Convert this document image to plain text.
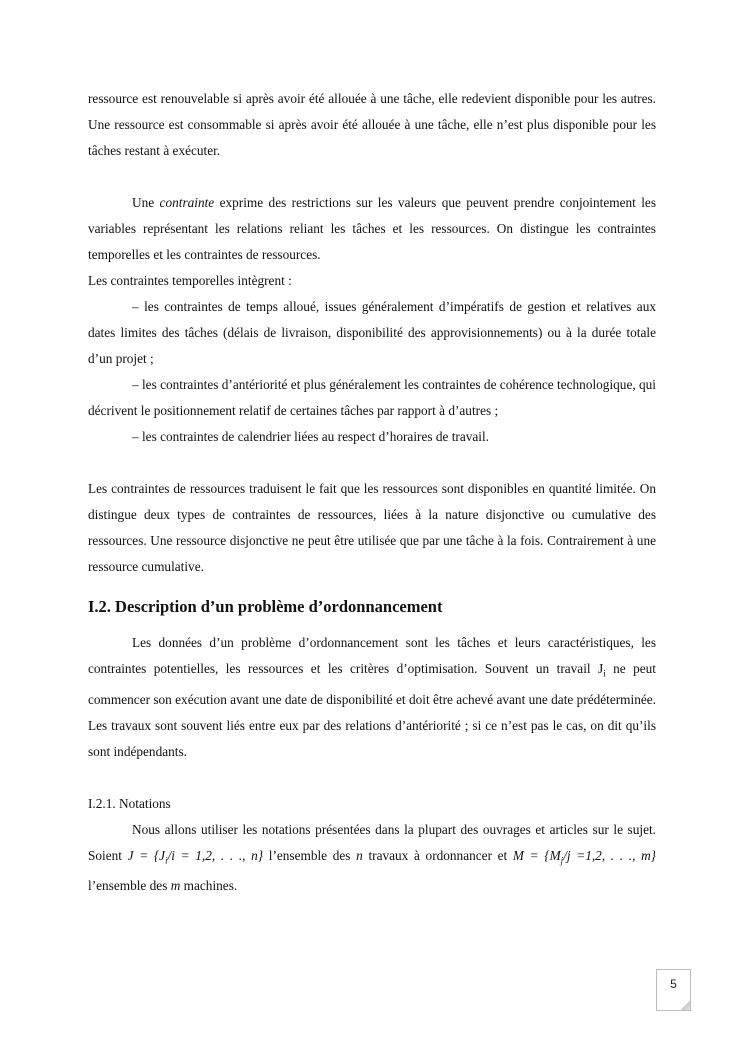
ressource est renouvelable si après avoir été allouée à une tâche, elle redevient disponible pour les autres. Une ressource est consommable si après avoir été allouée à une tâche, elle n’est plus disponible pour les tâches restant à exécuter.

Une contrainte exprime des restrictions sur les valeurs que peuvent prendre conjointement les variables représentant les relations reliant les tâches et les ressources. On distingue les contraintes temporelles et les contraintes de ressources.

Les contraintes temporelles intègrent :

– les contraintes de temps alloué, issues généralement d’impératifs de gestion et relatives aux dates limites des tâches (délais de livraison, disponibilité des approvisionnements) ou à la durée totale d’un projet ;

– les contraintes d’antériorité et plus généralement les contraintes de cohérence technologique, qui décrivent le positionnement relatif de certaines tâches par rapport à d’autres ;

– les contraintes de calendrier liées au respect d’horaires de travail.

Les contraintes de ressources traduisent le fait que les ressources sont disponibles en quantité limitée. On distingue deux types de contraintes de ressources, liées à la nature disjonctive ou cumulative des ressources. Une ressource disjonctive ne peut être utilisée que par une tâche à la fois. Contrairement à une ressource cumulative.

I.2. Description d’un problème d’ordonnancement

Les données d’un problème d’ordonnancement sont les tâches et leurs caractéristiques, les contraintes potentielles, les ressources et les critères d’optimisation. Souvent un travail $J_i$ ne peut commencer son exécution avant une date de disponibilité et doit être achevé avant une date prédéterminée. Les travaux sont souvent liés entre eux par des relations d’antériorité ; si ce n’est pas le cas, on dit qu’ils sont indépendants.

I.2.1. Notations

Nous allons utiliser les notations présentées dans la plupart des ouvrages et articles sur le sujet. Soient $J = \{J_i/i = 1,2$, . . ., n} l’ensemble des n travaux à ordonnancer et $M = \{M_j/j =1,2$, . . ., m} l’ensemble des m machines.

5
